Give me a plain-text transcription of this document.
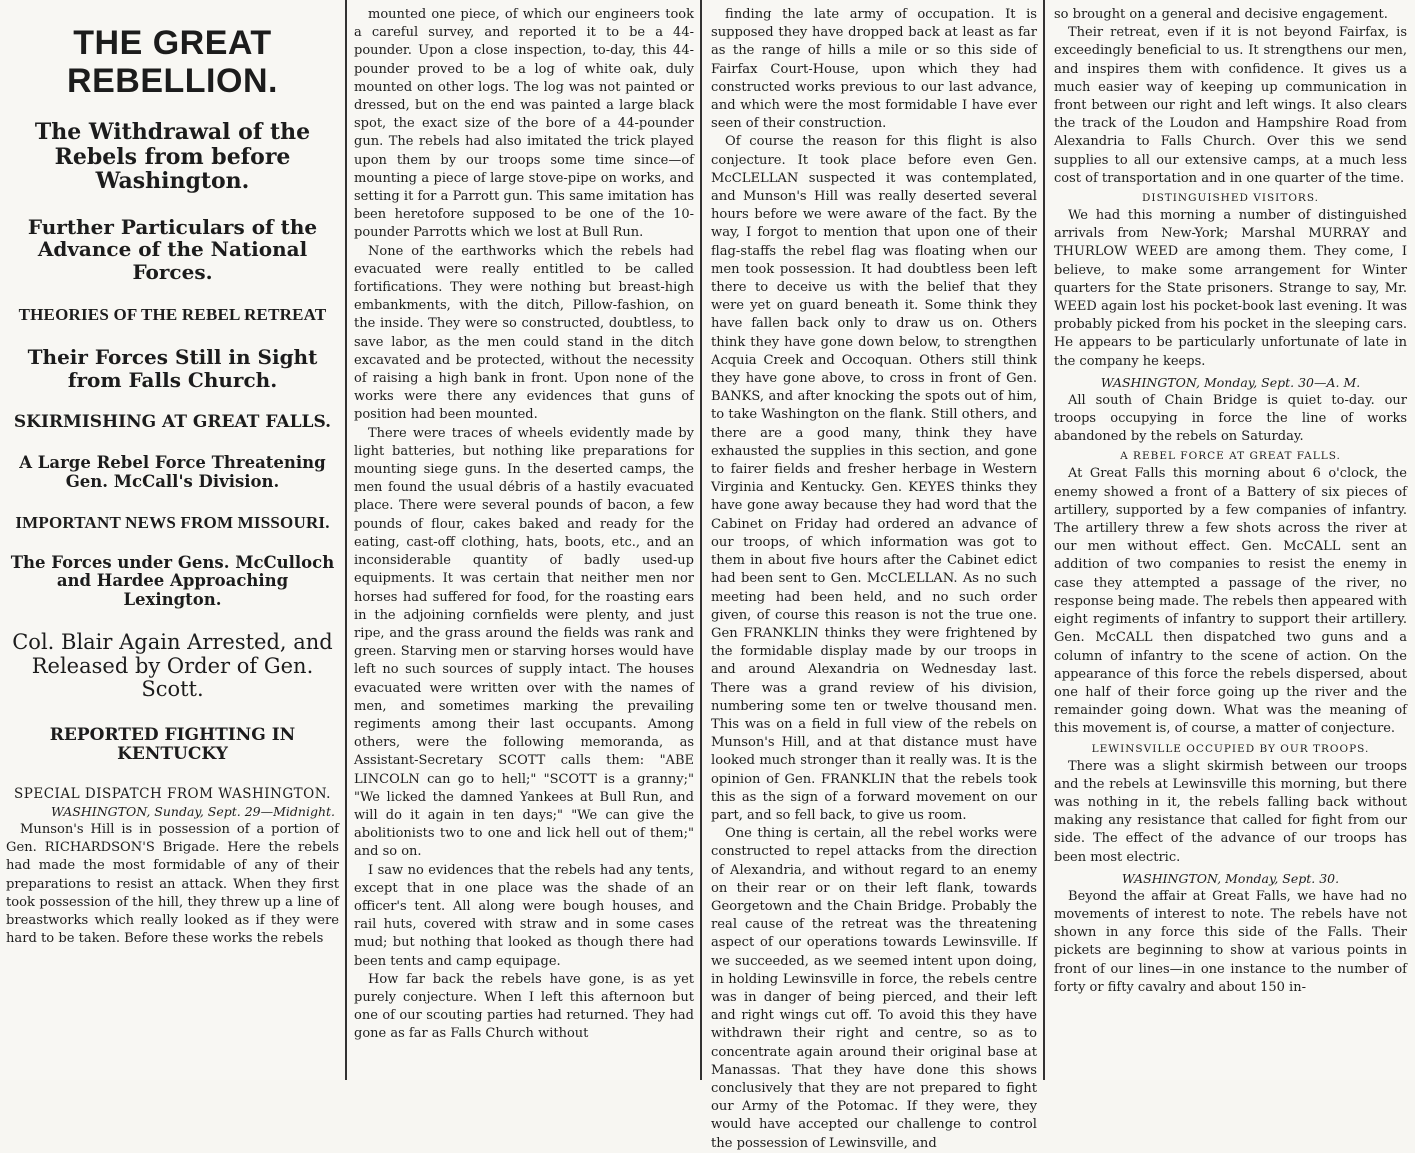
THE GREAT REBELLION.
The Withdrawal of the Rebels from before Washington.
Further Particulars of the Advance of the National Forces.
THEORIES OF THE REBEL RETREAT
Their Forces Still in Sight from Falls Church.
SKIRMISHING AT GREAT FALLS.
A Large Rebel Force Threatening Gen. McCall's Division.
IMPORTANT NEWS FROM MISSOURI.
The Forces under Gens. McCulloch and Hardee Approaching Lexington.
Col. Blair Again Arrested, and Released by Order of Gen. Scott.
REPORTED FIGHTING IN KENTUCKY
SPECIAL DISPATCH FROM WASHINGTON.
WASHINGTON, Sunday, Sept. 29—Midnight.

Munson's Hill is in possession of a portion of Gen. RICHARDSON'S Brigade. Here the rebels had made the most formidable of any of their preparations to resist an attack. When they first took possession of the hill, they threw up a line of breastworks which really looked as if they were hard to be taken. Before these works the rebels

mounted one piece, of which our engineers took a careful survey, and reported it to be a 44-pounder. Upon a close inspection, to-day, this 44-pounder proved to be a log of white oak, duly mounted on other logs. The log was not painted or dressed, but on the end was painted a large black spot, the exact size of the bore of a 44-pounder gun. The rebels had also imitated the trick played upon them by our troops some time since—of mounting a piece of large stove-pipe on works, and setting it for a Parrott gun. This same imitation has been heretofore supposed to be one of the 10-pounder Parrotts which we lost at Bull Run.

None of the earthworks which the rebels had evacuated were really entitled to be called fortifications. They were nothing but breast-high embankments, with the ditch, Pillow-fashion, on the inside. They were so constructed, doubtless, to save labor, as the men could stand in the ditch excavated and be protected, without the necessity of raising a high bank in front. Upon none of the works were there any evidences that guns of position had been mounted.

There were traces of wheels evidently made by light batteries, but nothing like preparations for mounting siege guns. In the deserted camps, the men found the usual débris of a hastily evacuated place. There were several pounds of bacon, a few pounds of flour, cakes baked and ready for the eating, cast-off clothing, hats, boots, etc., and an inconsiderable quantity of badly used-up equipments. It was certain that neither men nor horses had suffered for food, for the roasting ears in the adjoining cornfields were plenty, and just ripe, and the grass around the fields was rank and green. Starving men or starving horses would have left no such sources of supply intact. The houses evacuated were written over with the names of men, and sometimes marking the prevailing regiments among their last occupants. Among others, were the following memoranda, as Assistant-Secretary SCOTT calls them: "ABE LINCOLN can go to hell;" "SCOTT is a granny;" "We licked the damned Yankees at Bull Run, and will do it again in ten days;" "We can give the abolitionists two to one and lick hell out of them;" and so on.

I saw no evidences that the rebels had any tents, except that in one place was the shade of an officer's tent. All along were bough houses, and rail huts, covered with straw and in some cases mud; but nothing that looked as though there had been tents and camp equipage.

How far back the rebels have gone, is as yet purely conjecture. When I left this afternoon but one of our scouting parties had returned. They had gone as far as Falls Church without

finding the late army of occupation. It is supposed they have dropped back at least as far as the range of hills a mile or so this side of Fairfax Court-House, upon which they had constructed works previous to our last advance, and which were the most formidable I have ever seen of their construction.

Of course the reason for this flight is also conjecture. It took place before even Gen. McCLELLAN suspected it was contemplated, and Munson's Hill was really deserted several hours before we were aware of the fact. By the way, I forgot to mention that upon one of their flag-staffs the rebel flag was floating when our men took possession. It had doubtless been left there to deceive us with the belief that they were yet on guard beneath it. Some think they have fallen back only to draw us on. Others think they have gone down below, to strengthen Acquia Creek and Occoquan. Others still think they have gone above, to cross in front of Gen. BANKS, and after knocking the spots out of him, to take Washington on the flank. Still others, and there are a good many, think they have exhausted the supplies in this section, and gone to fairer fields and fresher herbage in Western Virginia and Kentucky. Gen. KEYES thinks they have gone away because they had word that the Cabinet on Friday had ordered an advance of our troops, of which information was got to them in about five hours after the Cabinet edict had been sent to Gen. McCLELLAN. As no such meeting had been held, and no such order given, of course this reason is not the true one. Gen FRANKLIN thinks they were frightened by the formidable display made by our troops in and around Alexandria on Wednesday last. There was a grand review of his division, numbering some ten or twelve thousand men. This was on a field in full view of the rebels on Munson's Hill, and at that distance must have looked much stronger than it really was. It is the opinion of Gen. FRANKLIN that the rebels took this as the sign of a forward movement on our part, and so fell back, to give us room.

One thing is certain, all the rebel works were constructed to repel attacks from the direction of Alexandria, and without regard to an enemy on their rear or on their left flank, towards Georgetown and the Chain Bridge. Probably the real cause of the retreat was the threatening aspect of our operations towards Lewinsville. If we succeeded, as we seemed intent upon doing, in holding Lewinsville in force, the rebels centre was in danger of being pierced, and their left and right wings cut off. To avoid this they have withdrawn their right and centre, so as to concentrate again around their original base at Manassas. That they have done this shows conclusively that they are not prepared to fight our Army of the Potomac. If they were, they would have accepted our challenge to control the possession of Lewinsville, and

so brought on a general and decisive engagement.

Their retreat, even if it is not beyond Fairfax, is exceedingly beneficial to us. It strengthens our men, and inspires them with confidence. It gives us a much easier way of keeping up communication in front between our right and left wings. It also clears the track of the Loudon and Hampshire Road from Alexandria to Falls Church. Over this we send supplies to all our extensive camps, at a much less cost of transportation and in one quarter of the time.

DISTINGUISHED VISITORS.

We had this morning a number of distinguished arrivals from New-York; Marshal MURRAY and THURLOW WEED are among them. They come, I believe, to make some arrangement for Winter quarters for the State prisoners. Strange to say, Mr. WEED again lost his pocket-book last evening. It was probably picked from his pocket in the sleeping cars. He appears to be particularly unfortunate of late in the company he keeps.

WASHINGTON, Monday, Sept. 30—A. M.

All south of Chain Bridge is quiet to-day. our troops occupying in force the line of works abandoned by the rebels on Saturday.

A REBEL FORCE AT GREAT FALLS.

At Great Falls this morning about 6 o'clock, the enemy showed a front of a Battery of six pieces of artillery, supported by a few companies of infantry. The artillery threw a few shots across the river at our men without effect. Gen. McCALL sent an addition of two companies to resist the enemy in case they attempted a passage of the river, no response being made. The rebels then appeared with eight regiments of infantry to support their artillery. Gen. McCALL then dispatched two guns and a column of infantry to the scene of action. On the appearance of this force the rebels dispersed, about one half of their force going up the river and the remainder going down. What was the meaning of this movement is, of course, a matter of conjecture.

LEWINSVILLE OCCUPIED BY OUR TROOPS.

There was a slight skirmish between our troops and the rebels at Lewinsville this morning, but there was nothing in it, the rebels falling back without making any resistance that called for fight from our side. The effect of the advance of our troops has been most electric.

WASHINGTON, Monday, Sept. 30.

Beyond the affair at Great Falls, we have had no movements of interest to note. The rebels have not shown in any force this side of the Falls. Their pickets are beginning to show at various points in front of our lines—in one instance to the number of forty or fifty cavalry and about 150 in-
